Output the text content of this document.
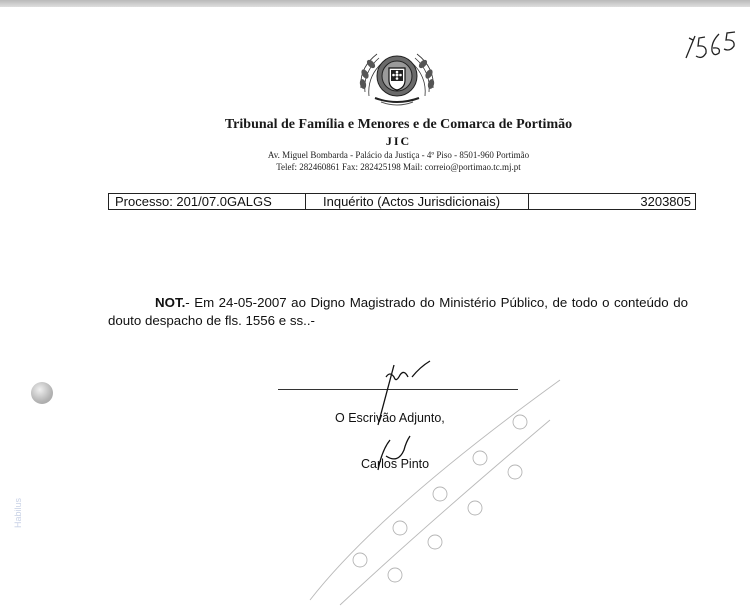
Tribunal de Família e Menores e de Comarca de Portimão
JIC
Av. Miguel Bombarda - Palácio da Justiça - 4º Piso - 8501-960 Portimão
Telef: 282460861 Fax: 282425198 Mail: correio@portimao.tc.mj.pt
Processo: 201/07.0GALGS	Inquérito (Actos Jurisdicionais)	3203805
NOT.- Em 24-05-2007 ao Digno Magistrado do Ministério Público, de todo o conteúdo do douto despacho de fls. 1556 e ss..-
O Escrivão Adjunto,
Carlos Pinto
Habilus
